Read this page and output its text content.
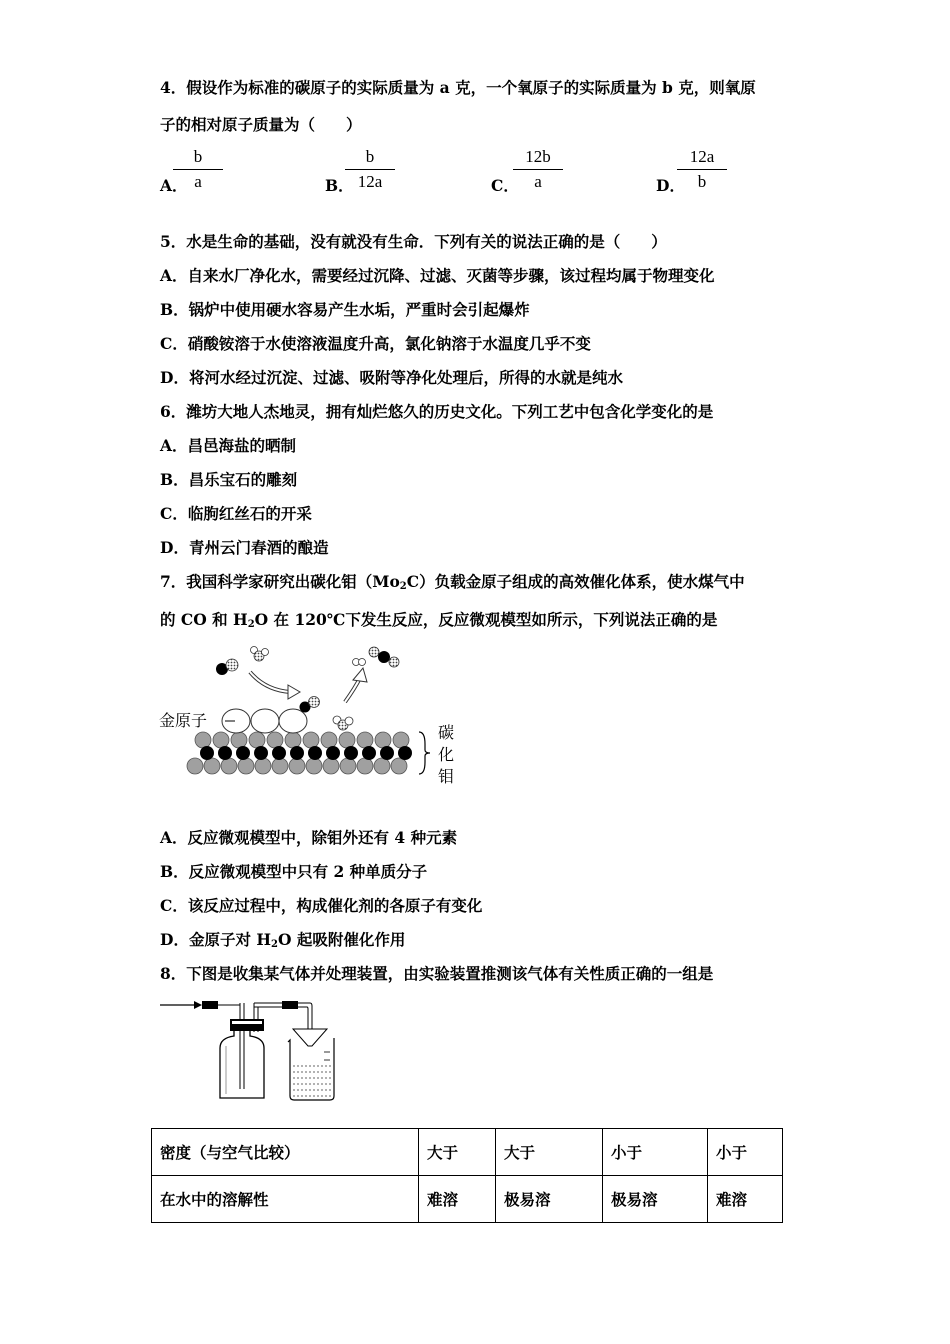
4．假设作为标准的碳原子的实际质量为 a 克，一个氧原子的实际质量为 b 克，则氧原
子的相对原子质量为（　　）
A．
$\frac{b}{a}$	B．
$\frac{b}{12a}$	C．
$\frac{12b}{a}$	D．
$\frac{12a}{b}$
5．水是生命的基础，没有就没有生命．下列有关的说法正确的是（　　）
A．自来水厂净化水，需要经过沉降、过滤、灭菌等步骤，该过程均属于物理变化
B．锅炉中使用硬水容易产生水垢，严重时会引起爆炸
C．硝酸铵溶于水使溶液温度升高，氯化钠溶于水温度几乎不变
D．将河水经过沉淀、过滤、吸附等净化处理后，所得的水就是纯水
6．潍坊大地人杰地灵，拥有灿烂悠久的历史文化。下列工艺中包含化学变化的是
A．昌邑海盐的晒制
B．昌乐宝石的雕刻
C．临朐红丝石的开采
D．青州云门春酒的酿造
7．我国科学家研究出碳化钼$(Mo_2C)$负载金原子组成的高效催化体系，使水煤气中
的 CO 和 $H_2O$ 在 120℃下发生反应，反应微观模型如所示，下列说法正确的是
金原子
碳
化
钼
A．反应微观模型中，除钼外还有 4 种元素
B．反应微观模型中只有 2 种单质分子
C．该反应过程中，构成催化剂的各原子有变化
D．金原子对 $H_2O$ 起吸附催化作用
8．下图是收集某气体并处理装置，由实验装置推测该气体有关性质正确的一组是
密度（与空气比较）	大于	大于	小于	小于
在水中的溶解性	难溶	极易溶	极易溶	难溶
